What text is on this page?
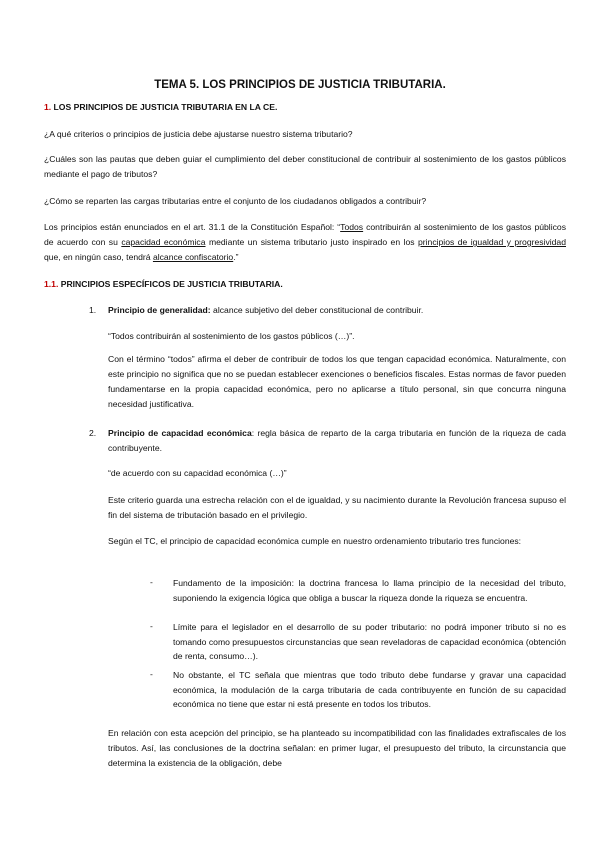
TEMA 5. LOS PRINCIPIOS DE JUSTICIA TRIBUTARIA.

1. LOS PRINCIPIOS DE JUSTICIA TRIBUTARIA EN LA CE.

¿A qué criterios o principios de justicia debe ajustarse nuestro sistema tributario?

¿Cuáles son las pautas que deben guiar el cumplimiento del deber constitucional de contribuir al sostenimiento de los gastos públicos mediante el pago de tributos?

¿Cómo se reparten las cargas tributarias entre el conjunto de los ciudadanos obligados a contribuir?

Los principios están enunciados en el art. 31.1 de la Constitución Español: “Todos contribuirán al sostenimiento de los gastos públicos de acuerdo con su capacidad económica mediante un sistema tributario justo inspirado en los principios de igualdad y progresividad que, en ningún caso, tendrá alcance confiscatorio.”

1.1. PRINCIPIOS ESPECÍFICOS DE JUSTICIA TRIBUTARIA.

1. Principio de generalidad: alcance subjetivo del deber constitucional de contribuir.

“Todos contribuirán al sostenimiento de los gastos públicos (…)”.

Con el término “todos” afirma el deber de contribuir de todos los que tengan capacidad económica. Naturalmente, con este principio no significa que no se puedan establecer exenciones o beneficios fiscales. Estas normas de favor pueden fundamentarse en la propia capacidad económica, pero no aplicarse a título personal, sin que concurra ninguna necesidad justificativa.

2. Principio de capacidad económica: regla básica de reparto de la carga tributaria en función de la riqueza de cada contribuyente.

“de acuerdo con su capacidad económica (…)”

Este criterio guarda una estrecha relación con el de igualdad, y su nacimiento durante la Revolución francesa supuso el fin del sistema de tributación basado en el privilegio.

Según el TC, el principio de capacidad económica cumple en nuestro ordenamiento tributario tres funciones:

- Fundamento de la imposición: la doctrina francesa lo llama principio de la necesidad del tributo, suponiendo la exigencia lógica que obliga a buscar la riqueza donde la riqueza se encuentra.

- Límite para el legislador en el desarrollo de su poder tributario: no podrá imponer tributo si no es tomando como presupuestos circunstancias que sean reveladoras de capacidad económica (obtención de renta, consumo…).

- No obstante, el TC señala que mientras que todo tributo debe fundarse y gravar una capacidad económica, la modulación de la carga tributaria de cada contribuyente en función de su capacidad económica no tiene que estar ni está presente en todos los tributos.

En relación con esta acepción del principio, se ha planteado su incompatibilidad con las finalidades extrafiscales de los tributos. Así, las conclusiones de la doctrina señalan: en primer lugar, el presupuesto del tributo, la circunstancia que determina la existencia de la obligación, debe
